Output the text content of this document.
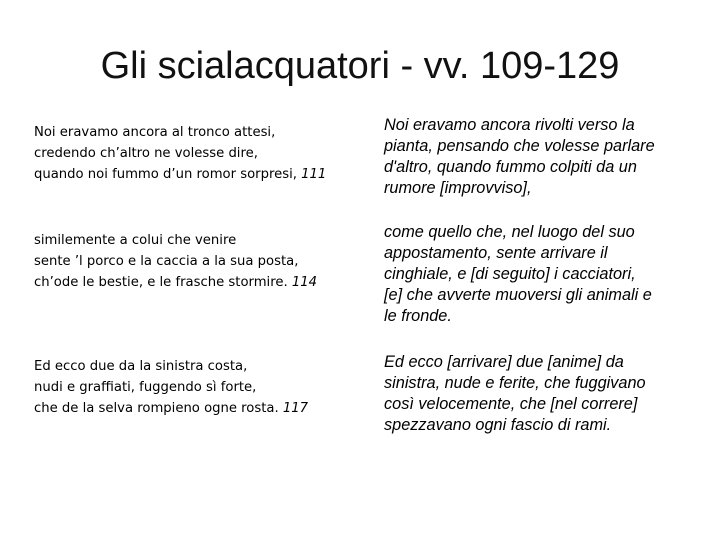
Gli scialacquatori - vv. 109-129
Noi eravamo ancora al tronco attesi,
credendo ch’altro ne volesse dire,
quando noi fummo d’un romor sorpresi, 111
similemente a colui che venire
sente ’l porco e la caccia a la sua posta,
ch’ode le bestie, e le frasche stormire. 114
Ed ecco due da la sinistra costa,
nudi e graffiati, fuggendo sì forte,
che de la selva rompieno ogne rosta. 117
Noi eravamo ancora rivolti verso la
pianta, pensando che volesse parlare
d'altro, quando fummo colpiti da un
rumore [improvviso],
come quello che, nel luogo del suo
appostamento, sente arrivare il
cinghiale, e [di seguito] i cacciatori,
[e] che avverte muoversi gli animali e
le fronde.
Ed ecco [arrivare] due [anime] da
sinistra, nude e ferite, che fuggivano
così velocemente, che [nel correre]
spezzavano ogni fascio di rami.
